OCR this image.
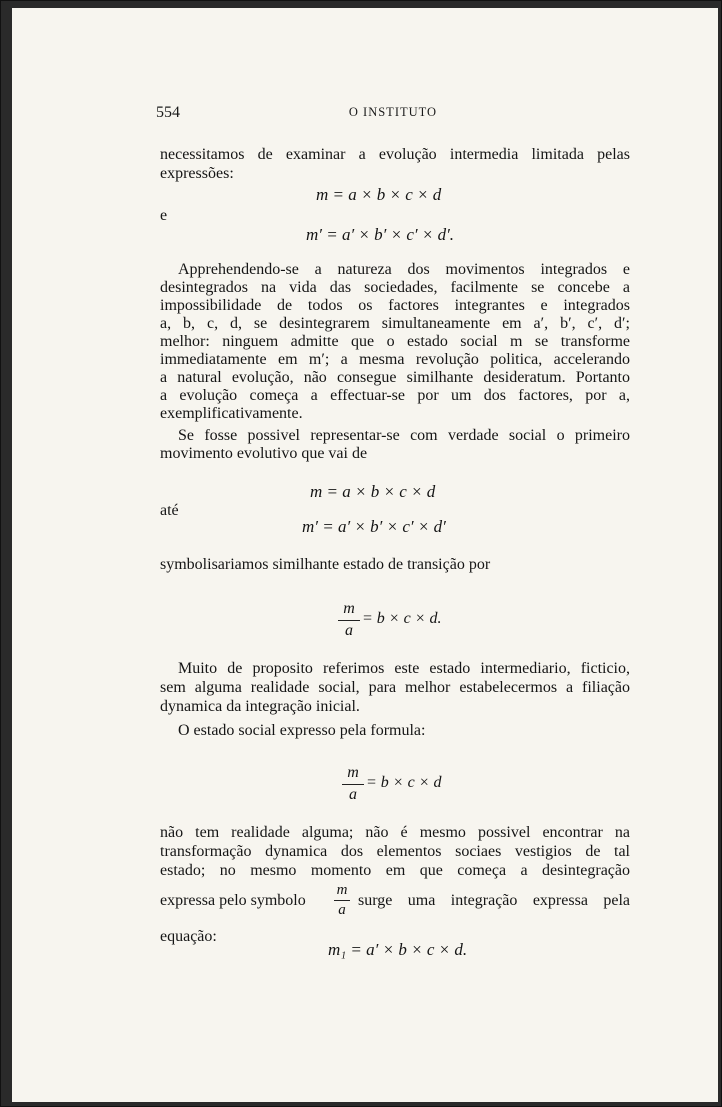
554	O INSTITUTO
necessitamos de examinar a evolução intermedia limitada pelas
expressões:
m = a × b × c × d
e
m′ = a′ × b′ × c′ × d′.
Apprehendendo-se a natureza dos movimentos integrados e
desintegrados na vida das sociedades, facilmente se concebe a
impossibilidade de todos os factores integrantes e integrados
a, b, c, d, se desintegrarem simultaneamente em a′, b′, c′, d′;
melhor: ninguem admitte que o estado social m se transforme
immediatamente em m′; a mesma revolução politica, accelerando
a natural evolução, não consegue similhante desideratum. Portanto
a evolução começa a effectuar-se por um dos factores, por a,
exemplificativamente.
Se fosse possivel representar-se com verdade social o primeiro
movimento evolutivo que vai de
m = a × b × c × d
até
m′ = a′ × b′ × c′ × d′
symbolisariamos similhante estado de transição por
m
a
= b × c × d.
Muito de proposito referimos este estado intermediario, ficticio,
sem alguma realidade social, para melhor estabelecermos a filiação
dynamica da integração inicial.
O estado social expresso pela formula:
m
a
= b × c × d
não tem realidade alguma; não é mesmo possivel encontrar na
transformação dynamica dos elementos sociaes vestigios de tal
estado; no mesmo momento em que começa a desintegração
expressa pelo symbolo
m
a
surge uma integração expressa pela
equação:
m₁ = a′ × b × c × d.
